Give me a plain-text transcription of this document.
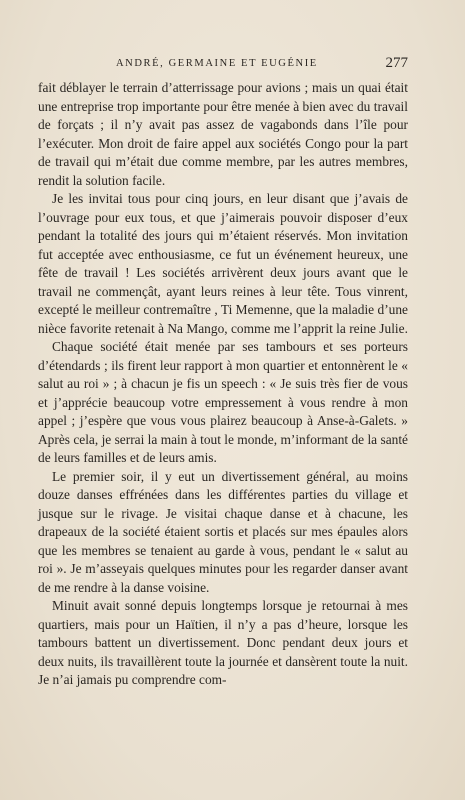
ANDRÉ, GERMAINE ET EUGÉNIE	277

fait déblayer le terrain d’atterrissage pour avions ; mais un quai était une entreprise trop importante pour être menée à bien avec du travail de forçats ; il n’y avait pas assez de vagabonds dans l’île pour l’exécuter. Mon droit de faire appel aux sociétés Congo pour la part de travail qui m’était due comme membre, par les autres membres, rendit la solution facile.

Je les invitai tous pour cinq jours, en leur disant que j’avais de l’ouvrage pour eux tous, et que j’aimerais pouvoir disposer d’eux pendant la totalité des jours qui m’étaient réservés. Mon invitation fut acceptée avec enthousiasme, ce fut un événement heureux, une fête de travail ! Les sociétés arrivèrent deux jours avant que le travail ne commençât, ayant leurs reines à leur tête. Tous vinrent, excepté le meilleur contremaître , Ti Memenne, que la maladie d’une nièce favorite retenait à Na Mango, comme me l’apprit la reine Julie.

Chaque société était menée par ses tambours et ses porteurs d’étendards ; ils firent leur rapport à mon quartier et entonnèrent le « salut au roi » ; à chacun je fis un speech : « Je suis très fier de vous et j’apprécie beaucoup votre empressement à vous rendre à mon appel ; j’espère que vous vous plairez beaucoup à Anse-à-Galets. » Après cela, je serrai la main à tout le monde, m’informant de la santé de leurs familles et de leurs amis.

Le premier soir, il y eut un divertissement général, au moins douze danses effrénées dans les différentes parties du village et jusque sur le rivage. Je visitai chaque danse et à chacune, les drapeaux de la société étaient sortis et placés sur mes épaules alors que les membres se tenaient au garde à vous, pendant le « salut au roi ». Je m’asseyais quelques minutes pour les regarder danser avant de me rendre à la danse voisine.

Minuit avait sonné depuis longtemps lorsque je retournai à mes quartiers, mais pour un Haïtien, il n’y a pas d’heure, lorsque les tambours battent un divertissement. Donc pendant deux jours et deux nuits, ils travaillèrent toute la journée et dansèrent toute la nuit. Je n’ai jamais pu comprendre com-
